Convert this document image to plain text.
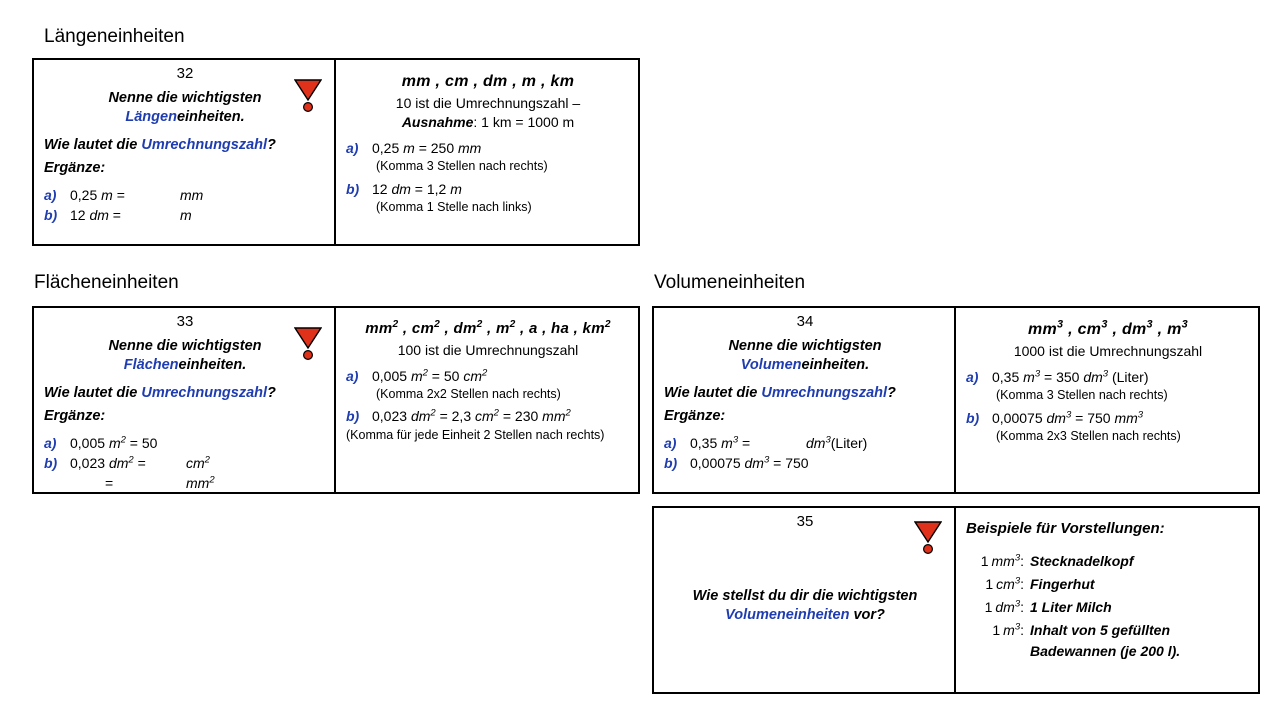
Längeneinheiten
32
Nenne die wichtigsten
Längeneinheiten.
Wie lautet die Umrechnungszahl?
Ergänze:
a) 0,25 m =	mm
b) 12 dm =	m
mm , cm , dm , m , km
10 ist die Umrechnungszahl –
Ausnahme: 1 km = 1000 m
a) 0,25 m = 250 mm
(Komma 3 Stellen nach rechts)
b) 12 dm = 1,2 m
(Komma 1 Stelle nach links)
Flächeneinheiten
33
Nenne die wichtigsten
Flächeneinheiten.
Wie lautet die Umrechnungszahl?
Ergänze:
a) 0,005 $m^2 = 50$
b) 0,023 $dm^2$ =	$cm^2$
=	$mm^2$
$mm^2$ , $cm^2$ , $dm^2$ , $m^2$ , a , ha , $km^2$
100 ist die Umrechnungszahl
a) 0,005 $m^2 = 50$ $cm^2$
(Komma 2x2 Stellen nach rechts)
b) 0,023 $dm^2 = 2,3$ $cm^2 = 230$ $mm^2$
(Komma für jede Einheit 2 Stellen nach rechts)
Volumeneinheiten
34
Nenne die wichtigsten
Volumeneinheiten.
Wie lautet die Umrechnungszahl?
Ergänze:
a) 0,35 $m^3$ =	$dm^3(Liter)$
b) 0,00075 $dm^3 = 750$
$mm^3$ , $cm^3$ , $dm^3$ , $m^3$
1000 ist die Umrechnungszahl
a) 0,35 $m^3 = 350$ $dm^3$ (Liter)
(Komma 3 Stellen nach rechts)
b) 0,00075 $dm^3 = 750$ $mm^3$
(Komma 2x3 Stellen nach rechts)
35
Wie stellst du dir die wichtigsten
Volumeneinheiten vor?
Beispiele für Vorstellungen:
1 $mm^3$: Stecknadelkopf
1 $cm^3$: Fingerhut
1 $dm^3$: 1 Liter Milch
1 $m^3$: Inhalt von 5 gefüllten
Badewannen (je 200 l).
